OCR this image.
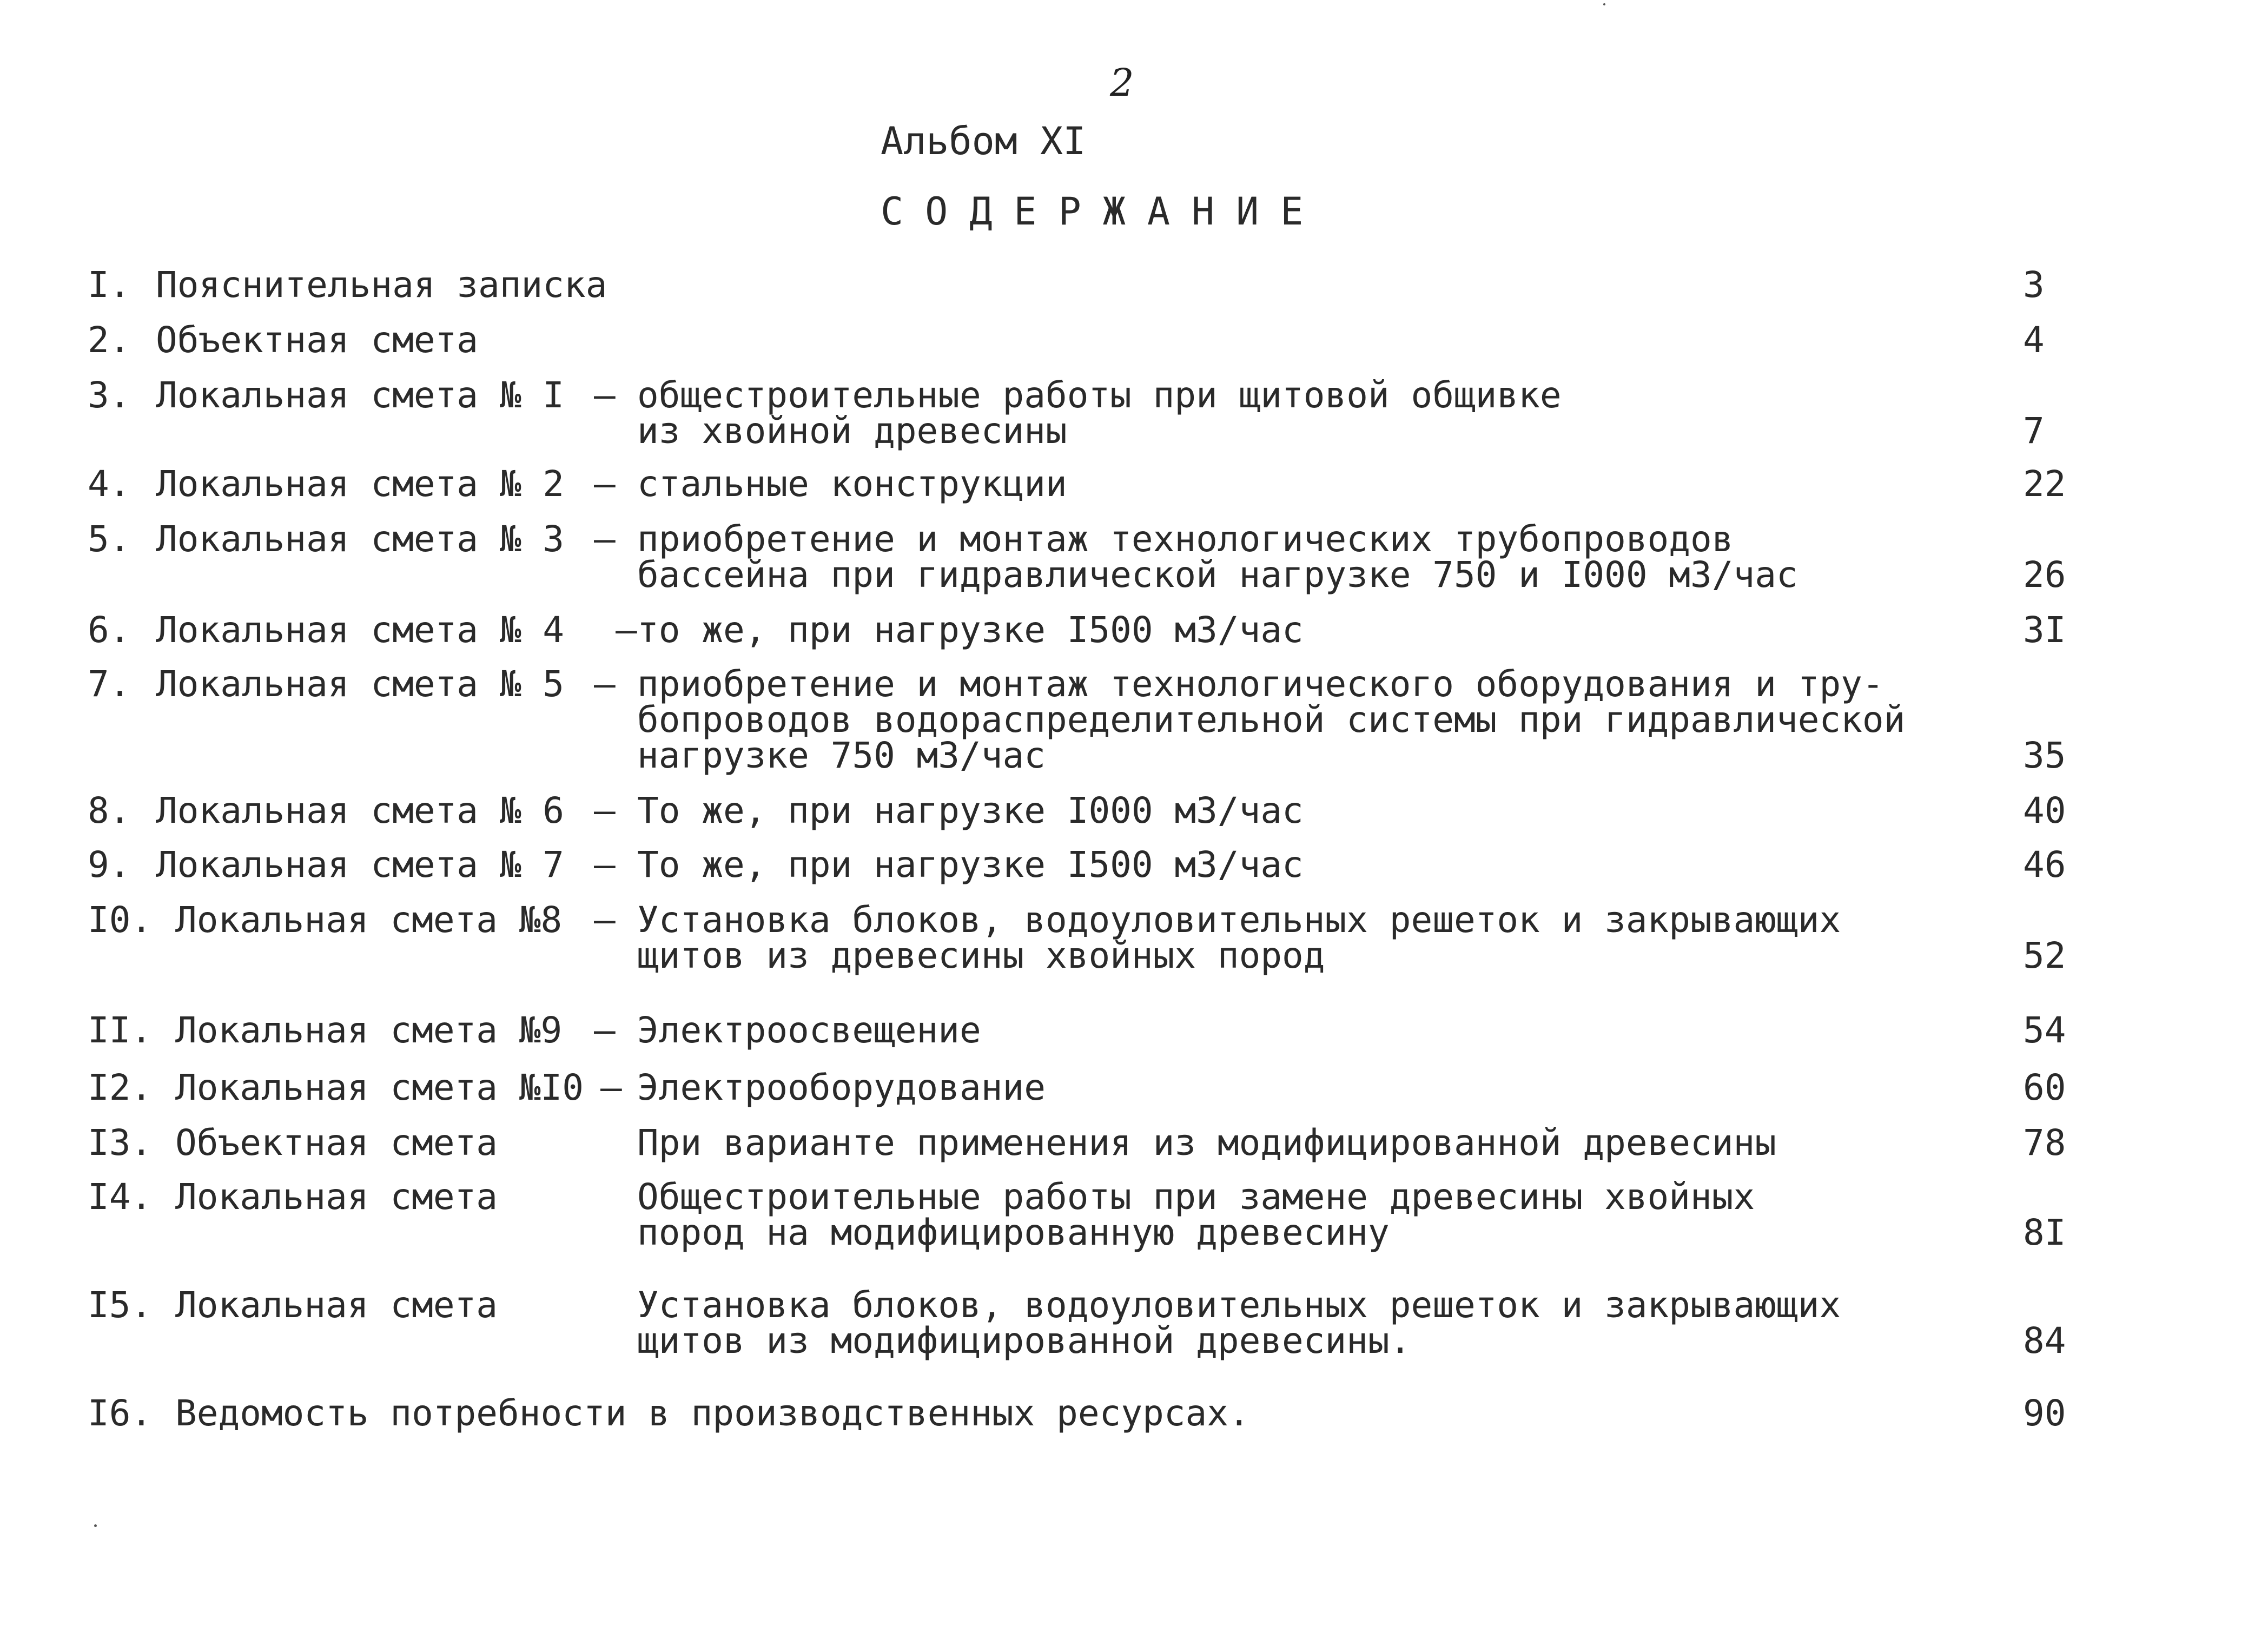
2
Альбом XI
СОДЕРЖАНИЕ
I. Пояснительная записка	3
2. Объектная смета	4
3. Локальная смета № I – общестроительные работы при щитовой общивке
из хвойной древесины	7
4. Локальная смета № 2 – стальные конструкции	22
5. Локальная смета № 3 – приобретение и монтаж технологических трубопроводов
бассейна при гидравлической нагрузке 750 и I000 м3/час	26
6. Локальная смета № 4 – то же, при нагрузке I500 м3/час	3I
7. Локальная смета № 5 – приобретение и монтаж технологического оборудования и тру-
бопроводов водораспределительной системы при гидравлической
нагрузке 750 м3/час	35
8. Локальная смета № 6 – То же, при нагрузке I000 м3/час	40
9. Локальная смета № 7 – То же, при нагрузке I500 м3/час	46
I0. Локальная смета №8 – Установка блоков, водоуловительных решеток и закрывающих
щитов из древесины хвойных пород	52
II. Локальная смета №9 – Электроосвещение	54
I2. Локальная смета №I0 – Электрооборудование	60
I3. Объектная смета	При варианте применения из модифицированной древесины	78
I4. Локальная смета	Общестроительные работы при замене древесины хвойных
пород на модифицированную древесину	8I
I5. Локальная смета	Установка блоков, водоуловительных решеток и закрывающих
щитов из модифицированной древесины.	84
I6. Ведомость потребности в производственных ресурсах.	90
